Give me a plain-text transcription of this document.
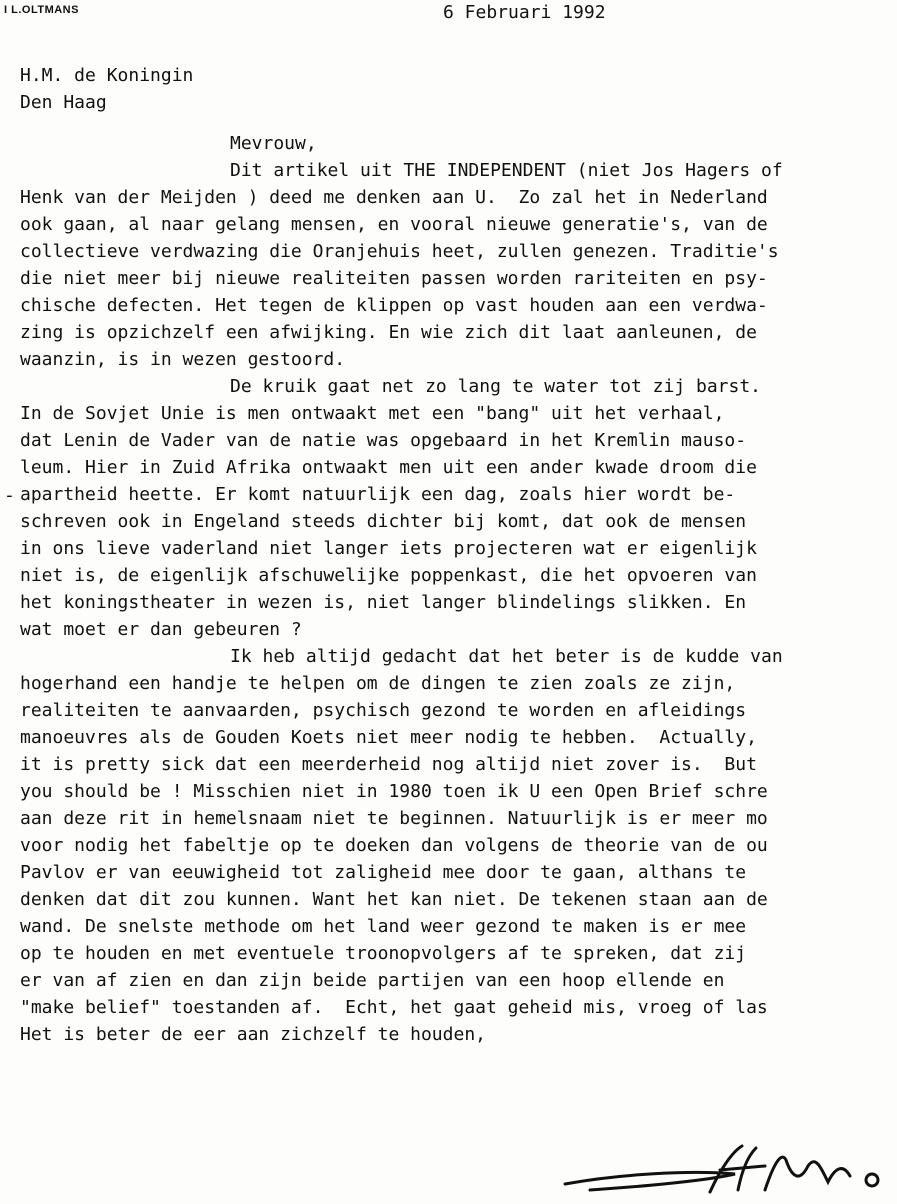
I L.OLTMANS	6 Februari 1992
H.M. de Koningin
Den Haag
-
Mevrouw,
Dit artikel uit THE INDEPENDENT (niet Jos Hagers of
Henk van der Meijden ) deed me denken aan U.  Zo zal het in Nederland
ook gaan, al naar gelang mensen, en vooral nieuwe generatie's, van de
collectieve verdwazing die Oranjehuis heet, zullen genezen. Traditie's
die niet meer bij nieuwe realiteiten passen worden rariteiten en psy-
chische defecten. Het tegen de klippen op vast houden aan een verdwa-
zing is opzichzelf een afwijking. En wie zich dit laat aanleunen, de
waanzin, is in wezen gestoord.
De kruik gaat net zo lang te water tot zij barst.
In de Sovjet Unie is men ontwaakt met een "bang" uit het verhaal,
dat Lenin de Vader van de natie was opgebaard in het Kremlin mauso-
leum. Hier in Zuid Afrika ontwaakt men uit een ander kwade droom die
apartheid heette. Er komt natuurlijk een dag, zoals hier wordt be-
schreven ook in Engeland steeds dichter bij komt, dat ook de mensen
in ons lieve vaderland niet langer iets projecteren wat er eigenlijk
niet is, de eigenlijk afschuwelijke poppenkast, die het opvoeren van
het koningstheater in wezen is, niet langer blindelings slikken. En
wat moet er dan gebeuren ?
Ik heb altijd gedacht dat het beter is de kudde van
hogerhand een handje te helpen om de dingen te zien zoals ze zijn,
realiteiten te aanvaarden, psychisch gezond te worden en afleidings
manoeuvres als de Gouden Koets niet meer nodig te hebben.  Actually,
it is pretty sick dat een meerderheid nog altijd niet zover is.  But
you should be ! Misschien niet in 1980 toen ik U een Open Brief schre
aan deze rit in hemelsnaam niet te beginnen. Natuurlijk is er meer mo
voor nodig het fabeltje op te doeken dan volgens de theorie van de ou
Pavlov er van eeuwigheid tot zaligheid mee door te gaan, althans te
denken dat dit zou kunnen. Want het kan niet. De tekenen staan aan de
wand. De snelste methode om het land weer gezond te maken is er mee
op te houden en met eventuele troonopvolgers af te spreken, dat zij
er van af zien en dan zijn beide partijen van een hoop ellende en
"make belief" toestanden af.  Echt, het gaat geheid mis, vroeg of las
Het is beter de eer aan zichzelf te houden,
